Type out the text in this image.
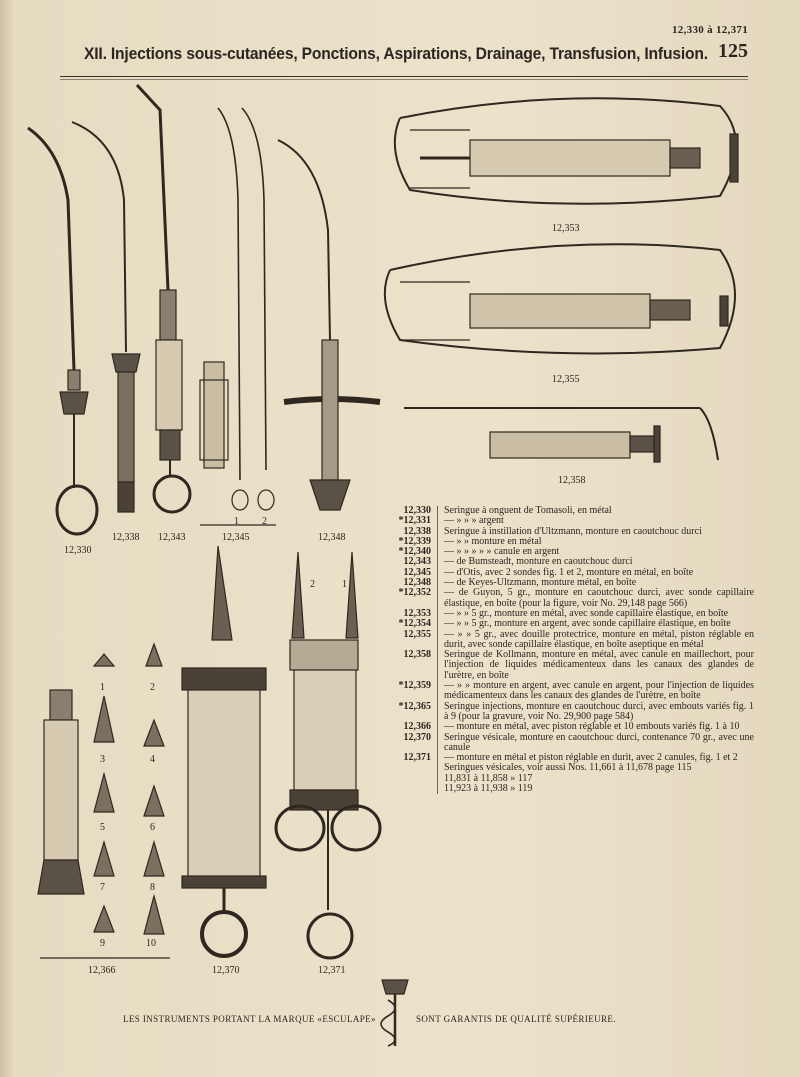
12,330 à 12,371
XII. Injections sous-cutanées, Ponctions, Aspirations, Drainage, Transfusion, Infusion. 125
12,330
12,338 12,343	12,345
1 2
12,348
12,353
12,355
12,358
12,366	12,370	12,371
1	2
3	4
5	6
7	8
9	10
2	1
12,330	Seringue à onguent de Tomasoli, en métal
*12,331	— » » » argent
12,338	Seringue à instillation d'Ultzmann, monture en caoutchouc durci
*12,339	— » » monture en métal
*12,340	— » » » » » canule en argent
12,343	— de Bumsteadt, monture en caoutchouc durci
12,345	— d'Otis, avec 2 sondes fig. 1 et 2, monture en métal, en boîte
12,348	— de Keyes-Ultzmann, monture métal, en boîte
*12,352	— de Guyon, 5 gr., monture en caoutchouc durci, avec sonde capillaire élastique, en boîte (pour la figure, voir No. 29,148 page 566)
12,353	— » » 5 gr., monture en métal, avec sonde capillaire élastique, en boîte
*12,354	— » » 5 gr., monture en argent, avec sonde capillaire élastique, en boîte
12,355	— » » 5 gr., avec douille protectrice, monture en métal, piston réglable en durit, avec sonde capillaire élastique, en boîte aseptique en métal
12,358	Seringue de Kollmann, monture en métal, avec canule en maillechort, pour l'injection de liquides médicamenteux dans les canaux des glandes de l'urètre, en boîte
*12,359	— » » monture en argent, avec canule en argent, pour l'injection de liquides médicamenteux dans les canaux des glandes de l'urètre, en boîte
*12,365	Seringue injections, monture en caoutchouc durci, avec embouts variés fig. 1 à 9 (pour la gravure, voir No. 29,900 page 584)
12,366	— monture en métal, avec piston réglable et 10 embouts variés fig. 1 à 10
12,370	Seringue vésicale, monture en caoutchouc durci, contenance 70 gr., avec une canule
12,371	— monture en métal et piston réglable en durit, avec 2 canules, fig. 1 et 2
Seringues vésicales, voir aussi Nos. 11,661 à 11,678 page 115
11,831 à 11,858 » 117
11,923 à 11,938 » 119
LES INSTRUMENTS PORTANT LA MARQUE «ESCULAPE»	SONT GARANTIS DE QUALITÉ SUPÉRIEURE.
